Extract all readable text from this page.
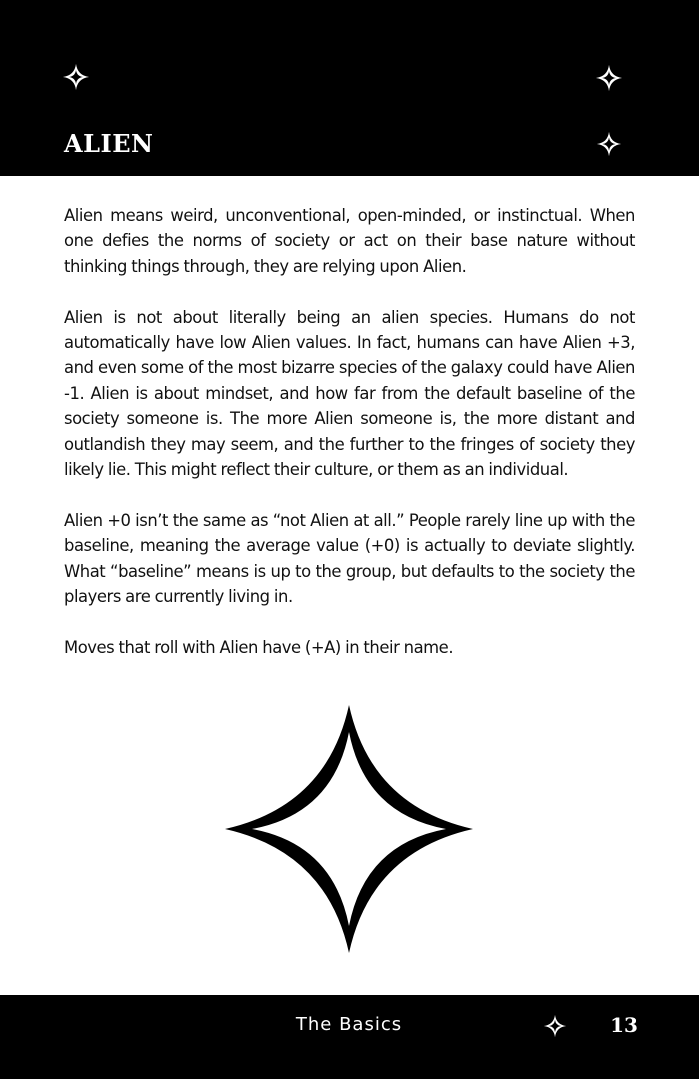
ALIEN

Alien means weird, unconventional, open-minded, or instinctual. When one defies the norms of society or act on their base nature without thinking things through, they are relying upon Alien.

Alien is not about literally being an alien species. Humans do not automatically have low Alien values. In fact, humans can have Alien +3, and even some of the most bizarre species of the galaxy could have Alien -1. Alien is about mindset, and how far from the default baseline of the society someone is. The more Alien someone is, the more distant and outlandish they may seem, and the further to the fringes of society they likely lie. This might reflect their culture, or them as an individual.

Alien +0 isn’t the same as “not Alien at all.” People rarely line up with the baseline, meaning the average value (+0) is actually to deviate slightly. What “baseline” means is up to the group, but defaults to the society the players are currently living in.

Moves that roll with Alien have (+A) in their name.

The Basics	13
